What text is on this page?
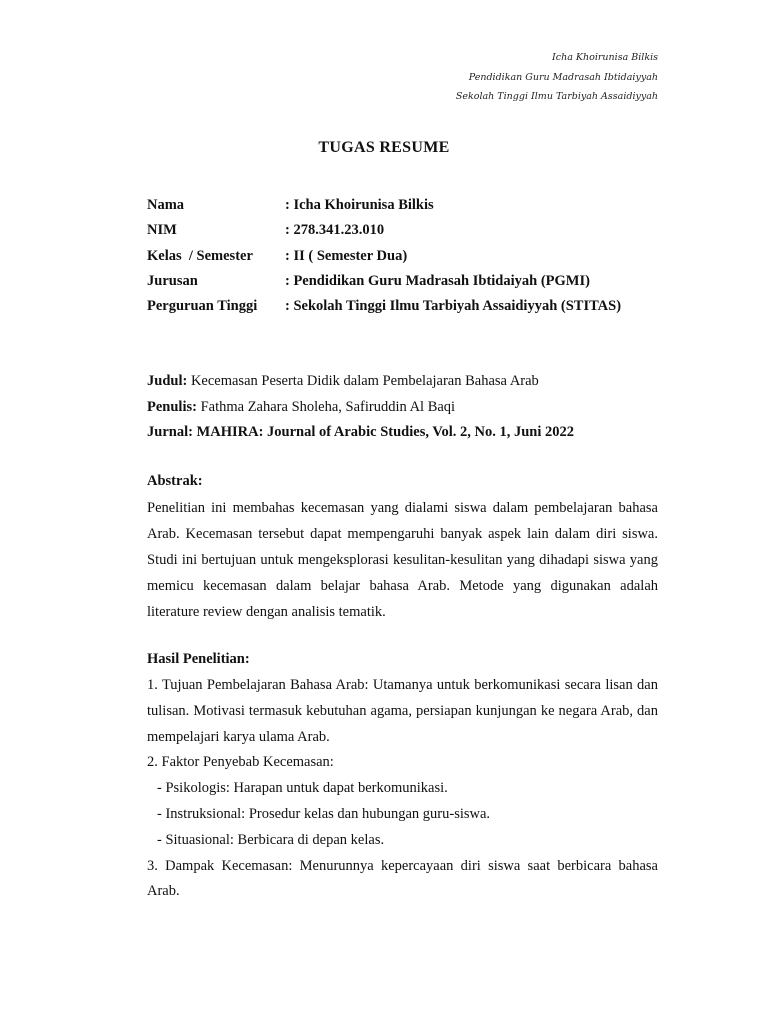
Icha Khoirunisa Bilkis
Pendidikan Guru Madrasah Ibtidaiyyah
Sekolah Tinggi Ilmu Tarbiyah Assaidiyyah
TUGAS RESUME
Nama	: Icha Khoirunisa Bilkis
NIM	: 278.341.23.010
Kelas  / Semester	: II ( Semester Dua)
Jurusan	: Pendidikan Guru Madrasah Ibtidaiyah (PGMI)
Perguruan Tinggi	: Sekolah Tinggi Ilmu Tarbiyah Assaidiyyah (STITAS)
Judul: Kecemasan Peserta Didik dalam Pembelajaran Bahasa Arab
Penulis: Fathma Zahara Sholeha, Safiruddin Al Baqi
Jurnal: MAHIRA: Journal of Arabic Studies, Vol. 2, No. 1, Juni 2022
Abstrak:
Penelitian ini membahas kecemasan yang dialami siswa dalam pembelajaran bahasa Arab. Kecemasan tersebut dapat mempengaruhi banyak aspek lain dalam diri siswa. Studi ini bertujuan untuk mengeksplorasi kesulitan-kesulitan yang dihadapi siswa yang memicu kecemasan dalam belajar bahasa Arab. Metode yang digunakan adalah literature review dengan analisis tematik.
Hasil Penelitian:
1. Tujuan Pembelajaran Bahasa Arab: Utamanya untuk berkomunikasi secara lisan dan tulisan. Motivasi termasuk kebutuhan agama, persiapan kunjungan ke negara Arab, dan mempelajari karya ulama Arab.
2. Faktor Penyebab Kecemasan:
- Psikologis: Harapan untuk dapat berkomunikasi.
- Instruksional: Prosedur kelas dan hubungan guru-siswa.
- Situasional: Berbicara di depan kelas.
3. Dampak Kecemasan: Menurunnya kepercayaan diri siswa saat berbicara bahasa Arab.
